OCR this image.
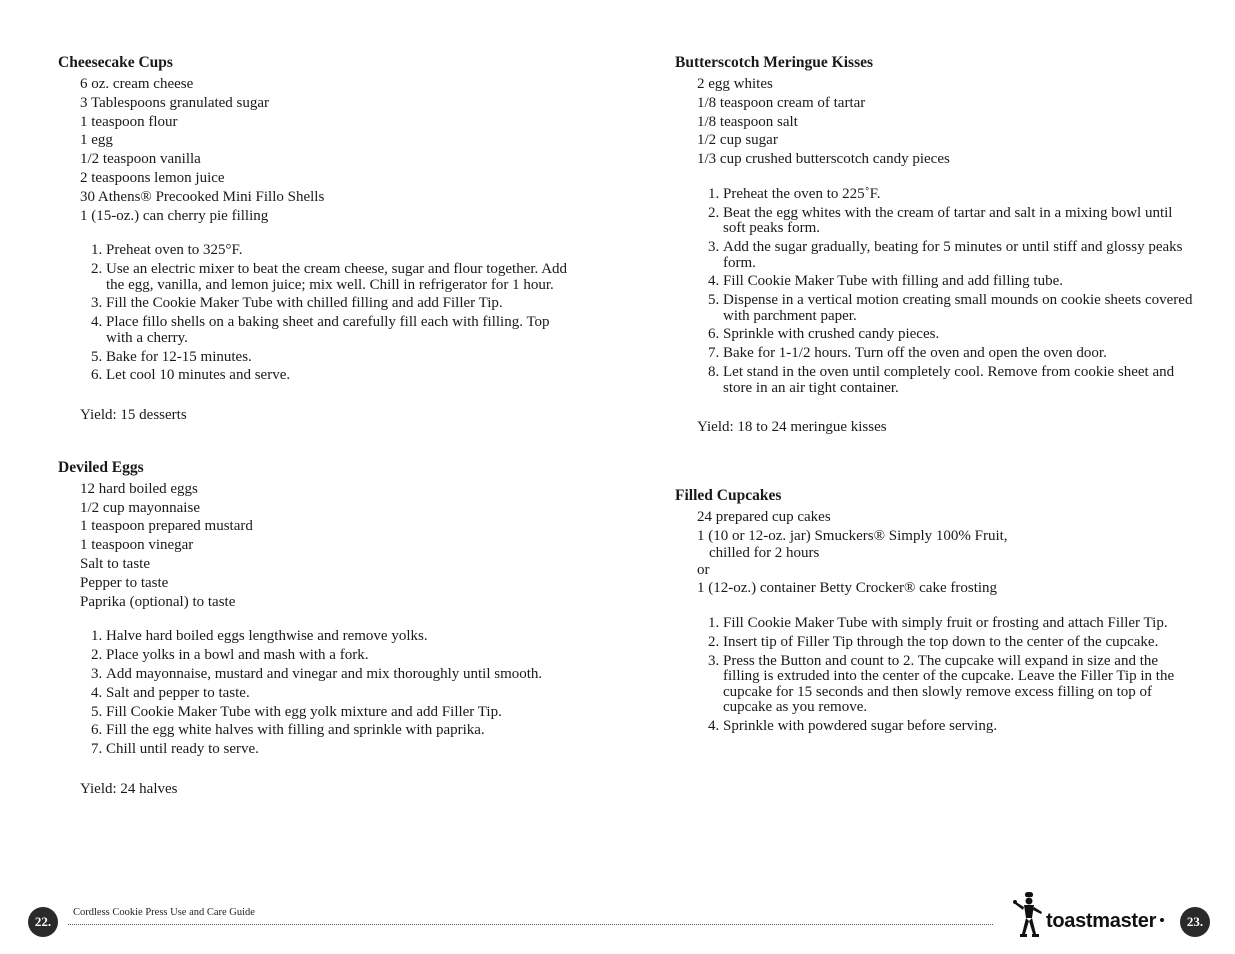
Cheesecake Cups
6 oz. cream cheese
3 Tablespoons granulated sugar
1 teaspoon flour
1 egg
1/2 teaspoon vanilla
2 teaspoons lemon juice
30 Athens® Precooked Mini Fillo Shells
1 (15-oz.) can cherry pie filling
1. Preheat oven to 325°F.
2. Use an electric mixer to beat the cream cheese, sugar and flour together. Add the egg, vanilla, and lemon juice; mix well. Chill in refrigerator for 1 hour.
3. Fill the Cookie Maker Tube with chilled filling and add Filler Tip.
4. Place fillo shells on a baking sheet and carefully fill each with filling. Top with a cherry.
5. Bake for 12-15 minutes.
6. Let cool 10 minutes and serve.

Yield: 15 desserts

Deviled Eggs
12 hard boiled eggs
1/2 cup mayonnaise
1 teaspoon prepared mustard
1 teaspoon vinegar
Salt to taste
Pepper to taste
Paprika (optional) to taste
1. Halve hard boiled eggs lengthwise and remove yolks.
2. Place yolks in a bowl and mash with a fork.
3. Add mayonnaise, mustard and vinegar and mix thoroughly until smooth.
4. Salt and pepper to taste.
5. Fill Cookie Maker Tube with egg yolk mixture and add Filler Tip.
6. Fill the egg white halves with filling and sprinkle with paprika.
7. Chill until ready to serve.

Yield: 24 halves

Butterscotch Meringue Kisses
2 egg whites
1/8 teaspoon cream of tartar
1/8 teaspoon salt
1/2 cup sugar
1/3 cup crushed butterscotch candy pieces
1. Preheat the oven to 225˚F.
2. Beat the egg whites with the cream of tartar and salt in a mixing bowl until soft peaks form.
3. Add the sugar gradually, beating for 5 minutes or until stiff and glossy peaks form.
4. Fill Cookie Maker Tube with filling and add filling tube.
5. Dispense in a vertical motion creating small mounds on cookie sheets covered with parchment paper.
6. Sprinkle with crushed candy pieces.
7. Bake for 1-1/2 hours. Turn off the oven and open the oven door.
8. Let stand in the oven until completely cool. Remove from cookie sheet and store in an air tight container.

Yield: 18 to 24 meringue kisses

Filled Cupcakes
24 prepared cup cakes
1 (10 or 12-oz. jar) Smuckers® Simply 100% Fruit,
chilled for 2 hours
or
1 (12-oz.) container Betty Crocker® cake frosting
1. Fill Cookie Maker Tube with simply fruit or frosting and attach Filler Tip.
2. Insert tip of Filler Tip through the top down to the center of the cupcake.
3. Press the Button and count to 2. The cupcake will expand in size and the filling is extruded into the center of the cupcake. Leave the Filler Tip in the cupcake for 15 seconds and then slowly remove excess filling on top of cupcake as you remove.
4. Sprinkle with powdered sugar before serving.
22.
Cordless Cookie Press Use and Care Guide	toastmaster	23.
